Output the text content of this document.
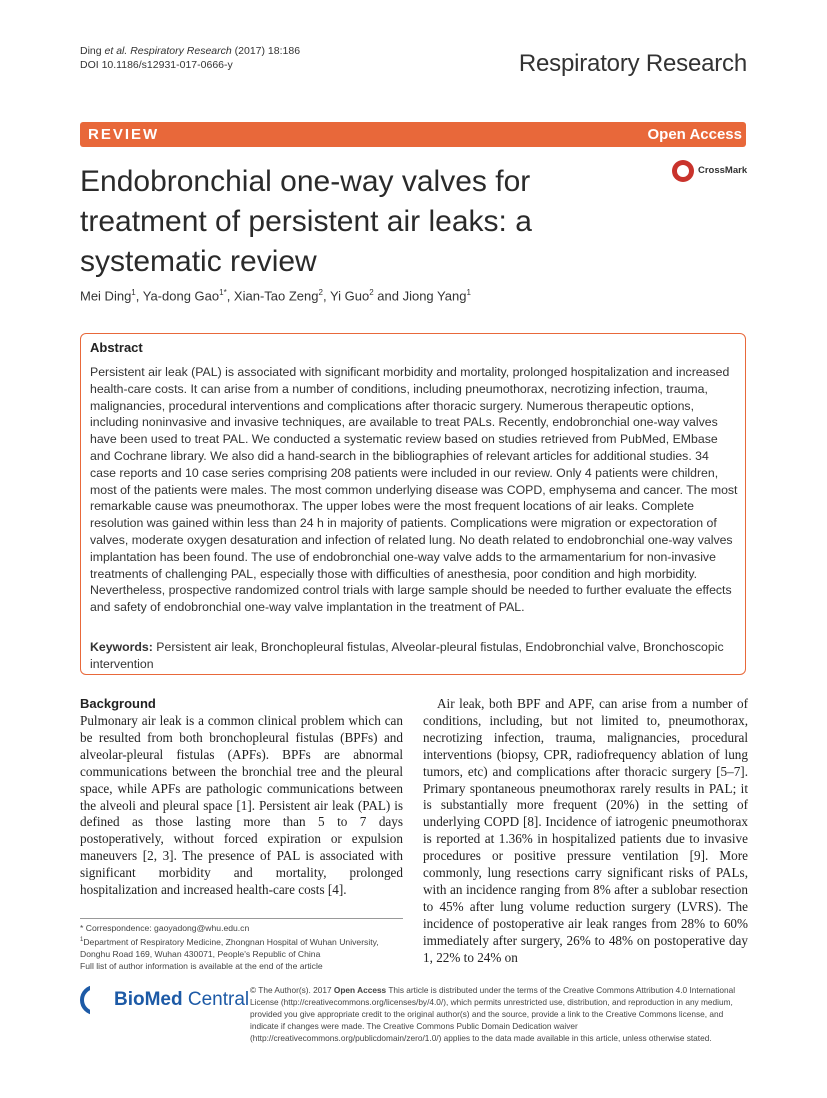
Ding et al. Respiratory Research (2017) 18:186
DOI 10.1186/s12931-017-0666-y	Respiratory Research
REVIEW	Open Access
Endobronchial one-way valves for treatment of persistent air leaks: a systematic review
CrossMark
Mei Ding$^1$, Ya-dong Gao$^{1*}$, Xian-Tao Zeng$^2$, Yi Guo$^2$ and Jiong Yang$^1$
Abstract
Persistent air leak (PAL) is associated with significant morbidity and mortality, prolonged hospitalization and increased health-care costs. It can arise from a number of conditions, including pneumothorax, necrotizing infection, trauma, malignancies, procedural interventions and complications after thoracic surgery. Numerous therapeutic options, including noninvasive and invasive techniques, are available to treat PALs. Recently, endobronchial one-way valves have been used to treat PAL. We conducted a systematic review based on studies retrieved from PubMed, EMbase and Cochrane library. We also did a hand-search in the bibliographies of relevant articles for additional studies. 34 case reports and 10 case series comprising 208 patients were included in our review. Only 4 patients were children, most of the patients were males. The most common underlying disease was COPD, emphysema and cancer. The most remarkable cause was pneumothorax. The upper lobes were the most frequent locations of air leaks. Complete resolution was gained within less than 24 h in majority of patients. Complications were migration or expectoration of valves, moderate oxygen desaturation and infection of related lung. No death related to endobronchial one-way valves implantation has been found. The use of endobronchial one-way valve adds to the armamentarium for non-invasive treatments of challenging PAL, especially those with difficulties of anesthesia, poor condition and high morbidity. Nevertheless, prospective randomized control trials with large sample should be needed to further evaluate the effects and safety of endobronchial one-way valve implantation in the treatment of PAL.
Keywords: Persistent air leak, Bronchopleural fistulas, Alveolar-pleural fistulas, Endobronchial valve, Bronchoscopic intervention
Background
Pulmonary air leak is a common clinical problem which can be resulted from both bronchopleural fistulas (BPFs) and alveolar-pleural fistulas (APFs). BPFs are abnormal communications between the bronchial tree and the pleural space, while APFs are pathologic communications between the alveoli and pleural space [1]. Persistent air leak (PAL) is defined as those lasting more than 5 to 7 days postoperatively, without forced expiration or expulsion maneuvers [2, 3]. The presence of PAL is associated with significant morbidity and mortality, prolonged hospitalization and increased health-care costs [4].
Air leak, both BPF and APF, can arise from a number of conditions, including, but not limited to, pneumothorax, necrotizing infection, trauma, malignancies, procedural interventions (biopsy, CPR, radiofrequency ablation of lung tumors, etc) and complications after thoracic surgery [5–7]. Primary spontaneous pneumothorax rarely results in PAL; it is substantially more frequent (20%) in the setting of underlying COPD [8]. Incidence of iatrogenic pneumothorax is reported at 1.36% in hospitalized patients due to invasive procedures or positive pressure ventilation [9]. More commonly, lung resections carry significant risks of PALs, with an incidence ranging from 8% after a sublobar resection to 45% after lung volume reduction surgery (LVRS). The incidence of postoperative air leak ranges from 28% to 60% immediately after surgery, 26% to 48% on postoperative day 1, 22% to 24% on
* Correspondence: gaoyadong@whu.edu.cn
$^1$Department of Respiratory Medicine, Zhongnan Hospital of Wuhan University, Donghu Road 169, Wuhan 430071, People's Republic of China
Full list of author information is available at the end of the article
BioMed Central © The Author(s). 2017 Open Access This article is distributed under the terms of the Creative Commons Attribution 4.0 International License (http://creativecommons.org/licenses/by/4.0/), which permits unrestricted use, distribution, and reproduction in any medium, provided you give appropriate credit to the original author(s) and the source, provide a link to the Creative Commons license, and indicate if changes were made. The Creative Commons Public Domain Dedication waiver (http://creativecommons.org/publicdomain/zero/1.0/) applies to the data made available in this article, unless otherwise stated.
